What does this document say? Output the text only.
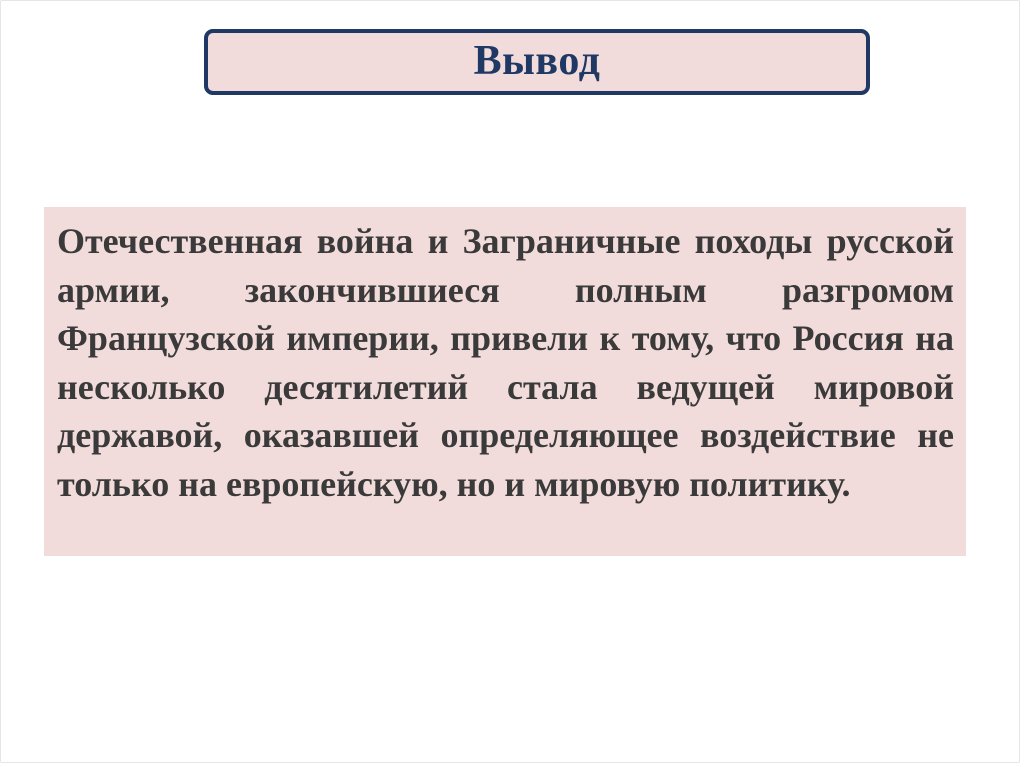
Вывод

Отечественная война и Заграничные походы русской армии, закончившиеся полным разгромом Французской империи, привели к тому, что Россия на несколько десятилетий стала ведущей мировой державой, оказавшей определяющее воздействие не только на европейскую, но и мировую политику.
